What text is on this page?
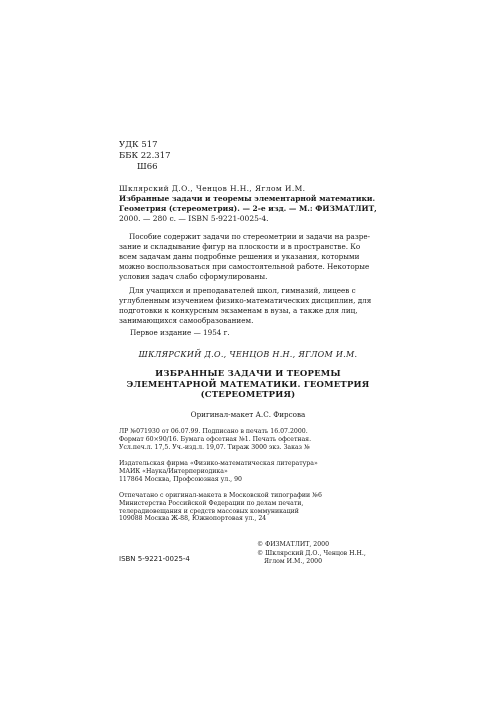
УДК 517
ББК 22.317
Ш66
Шклярский Д.О., Ченцов Н.Н., Яглом И.М.
Избранные задачи и теоремы элементарной математики.
Геометрия (стереометрия). — 2-е изд. — М.: ФИЗМАТЛИТ,
2000. — 280 с. — ISBN 5-9221-0025-4.
Пособие содержит задачи по стереометрии и задачи на разре-
зание и складывание фигур на плоскости и в пространстве. Ко
всем задачам даны подробные решения и указания, которыми
можно воспользоваться при самостоятельной работе. Некоторые
условия задач слабо сформулированы.
Для учащихся и преподавателей школ, гимназий, лицеев с
углубленным изучением физико-математических дисциплин, для
подготовки к конкурсным экзаменам в вузы, а также для лиц,
занимающихся самообразованием.
Первое издание — 1954 г.
ШКЛЯРСКИЙ Д.О., ЧЕНЦОВ Н.Н., ЯГЛОМ И.М.
ИЗБРАННЫЕ ЗАДАЧИ И ТЕОРЕМЫ
ЭЛЕМЕНТАРНОЙ МАТЕМАТИКИ. ГЕОМЕТРИЯ
(СТЕРЕОМЕТРИЯ)
Оригинал-макет А.С. Фирсова
ЛР №071930 от 06.07.99. Подписано в печать 16.07.2000.
Формат 60×90/16. Бумага офсетная №1. Печать офсетная.
Усл.печ.л. 17,5. Уч.-изд.л. 19,07. Тираж 3000 экз. Заказ №
Издательская фирма «Физико-математическая литература»
МАИК «Наука/Интерпериодика»
117864 Москва, Профсоюзная ул., 90
Отпечатано с оригинал-макета в Московской типографии №6
Министерства Российской Федерации по делам печати,
телерадиовещания и средств массовых коммуникаций
109088 Москва Ж-88, Южнопортовая ул., 24
ISBN 5-9221-0025-4
© ФИЗМАТЛИТ, 2000
© Шклярский Д.О., Ченцов Н.Н.,
Яглом И.М., 2000
